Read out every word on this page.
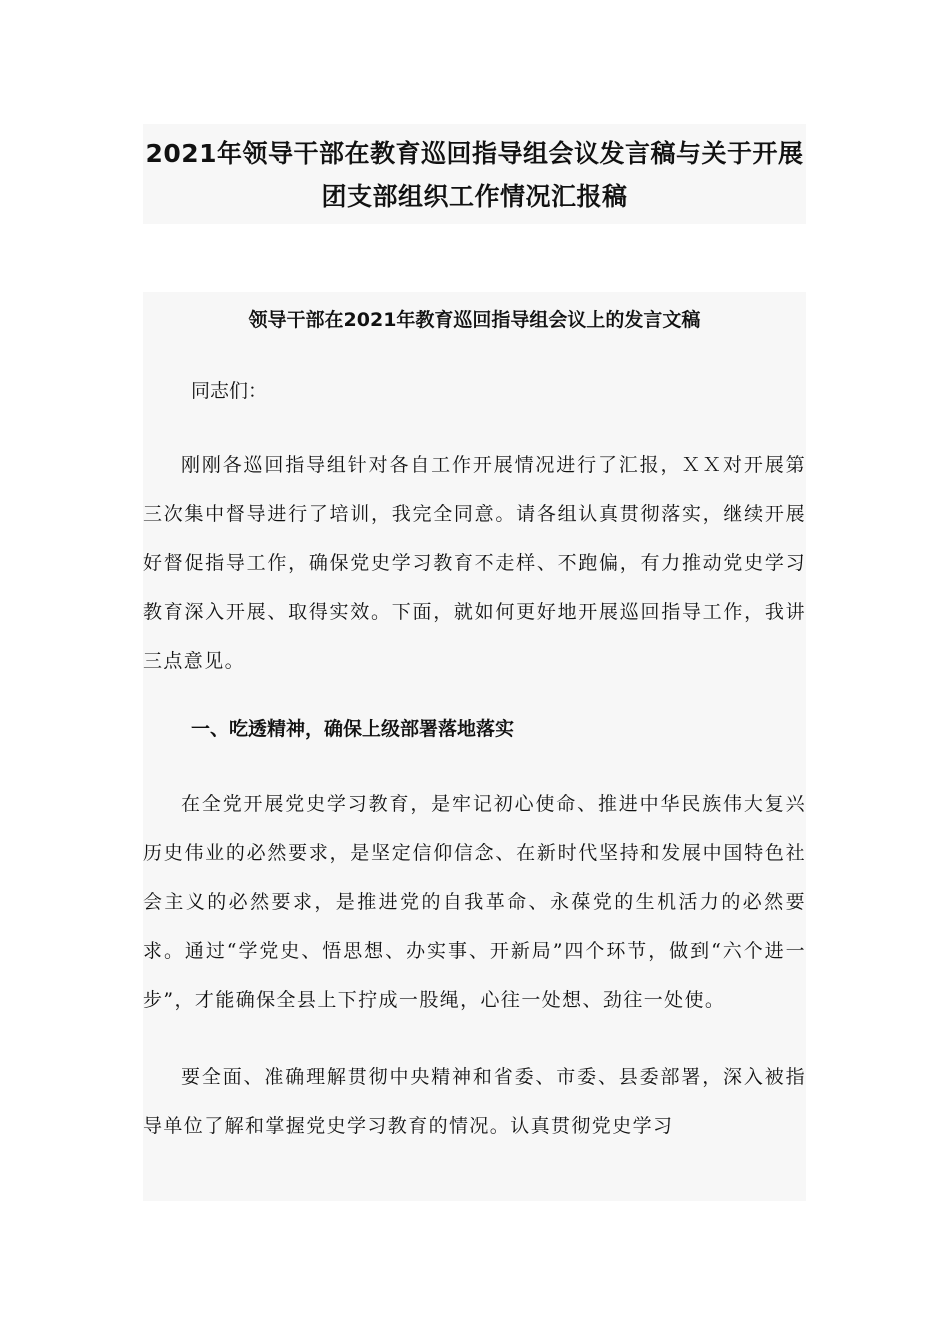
2021年领导干部在教育巡回指导组会议发言稿与关于开展团支部组织工作情况汇报稿
领导干部在2021年教育巡回指导组会议上的发言文稿

同志们：

刚刚各巡回指导组针对各自工作开展情况进行了汇报，ＸＸ对开展第三次集中督导进行了培训，我完全同意。请各组认真贯彻落实，继续开展好督促指导工作，确保党史学习教育不走样、不跑偏，有力推动党史学习教育深入开展、取得实效。下面，就如何更好地开展巡回指导工作，我讲三点意见。

一、吃透精神，确保上级部署落地落实

在全党开展党史学习教育，是牢记初心使命、推进中华民族伟大复兴历史伟业的必然要求，是坚定信仰信念、在新时代坚持和发展中国特色社会主义的必然要求，是推进党的自我革命、永葆党的生机活力的必然要求。通过“学党史、悟思想、办实事、开新局”四个环节，做到“六个进一步”，才能确保全县上下拧成一股绳，心往一处想、劲往一处使。

要全面、准确理解贯彻中央精神和省委、市委、县委部署，深入被指导单位了解和掌握党史学习教育的情况。认真贯彻党史学习
